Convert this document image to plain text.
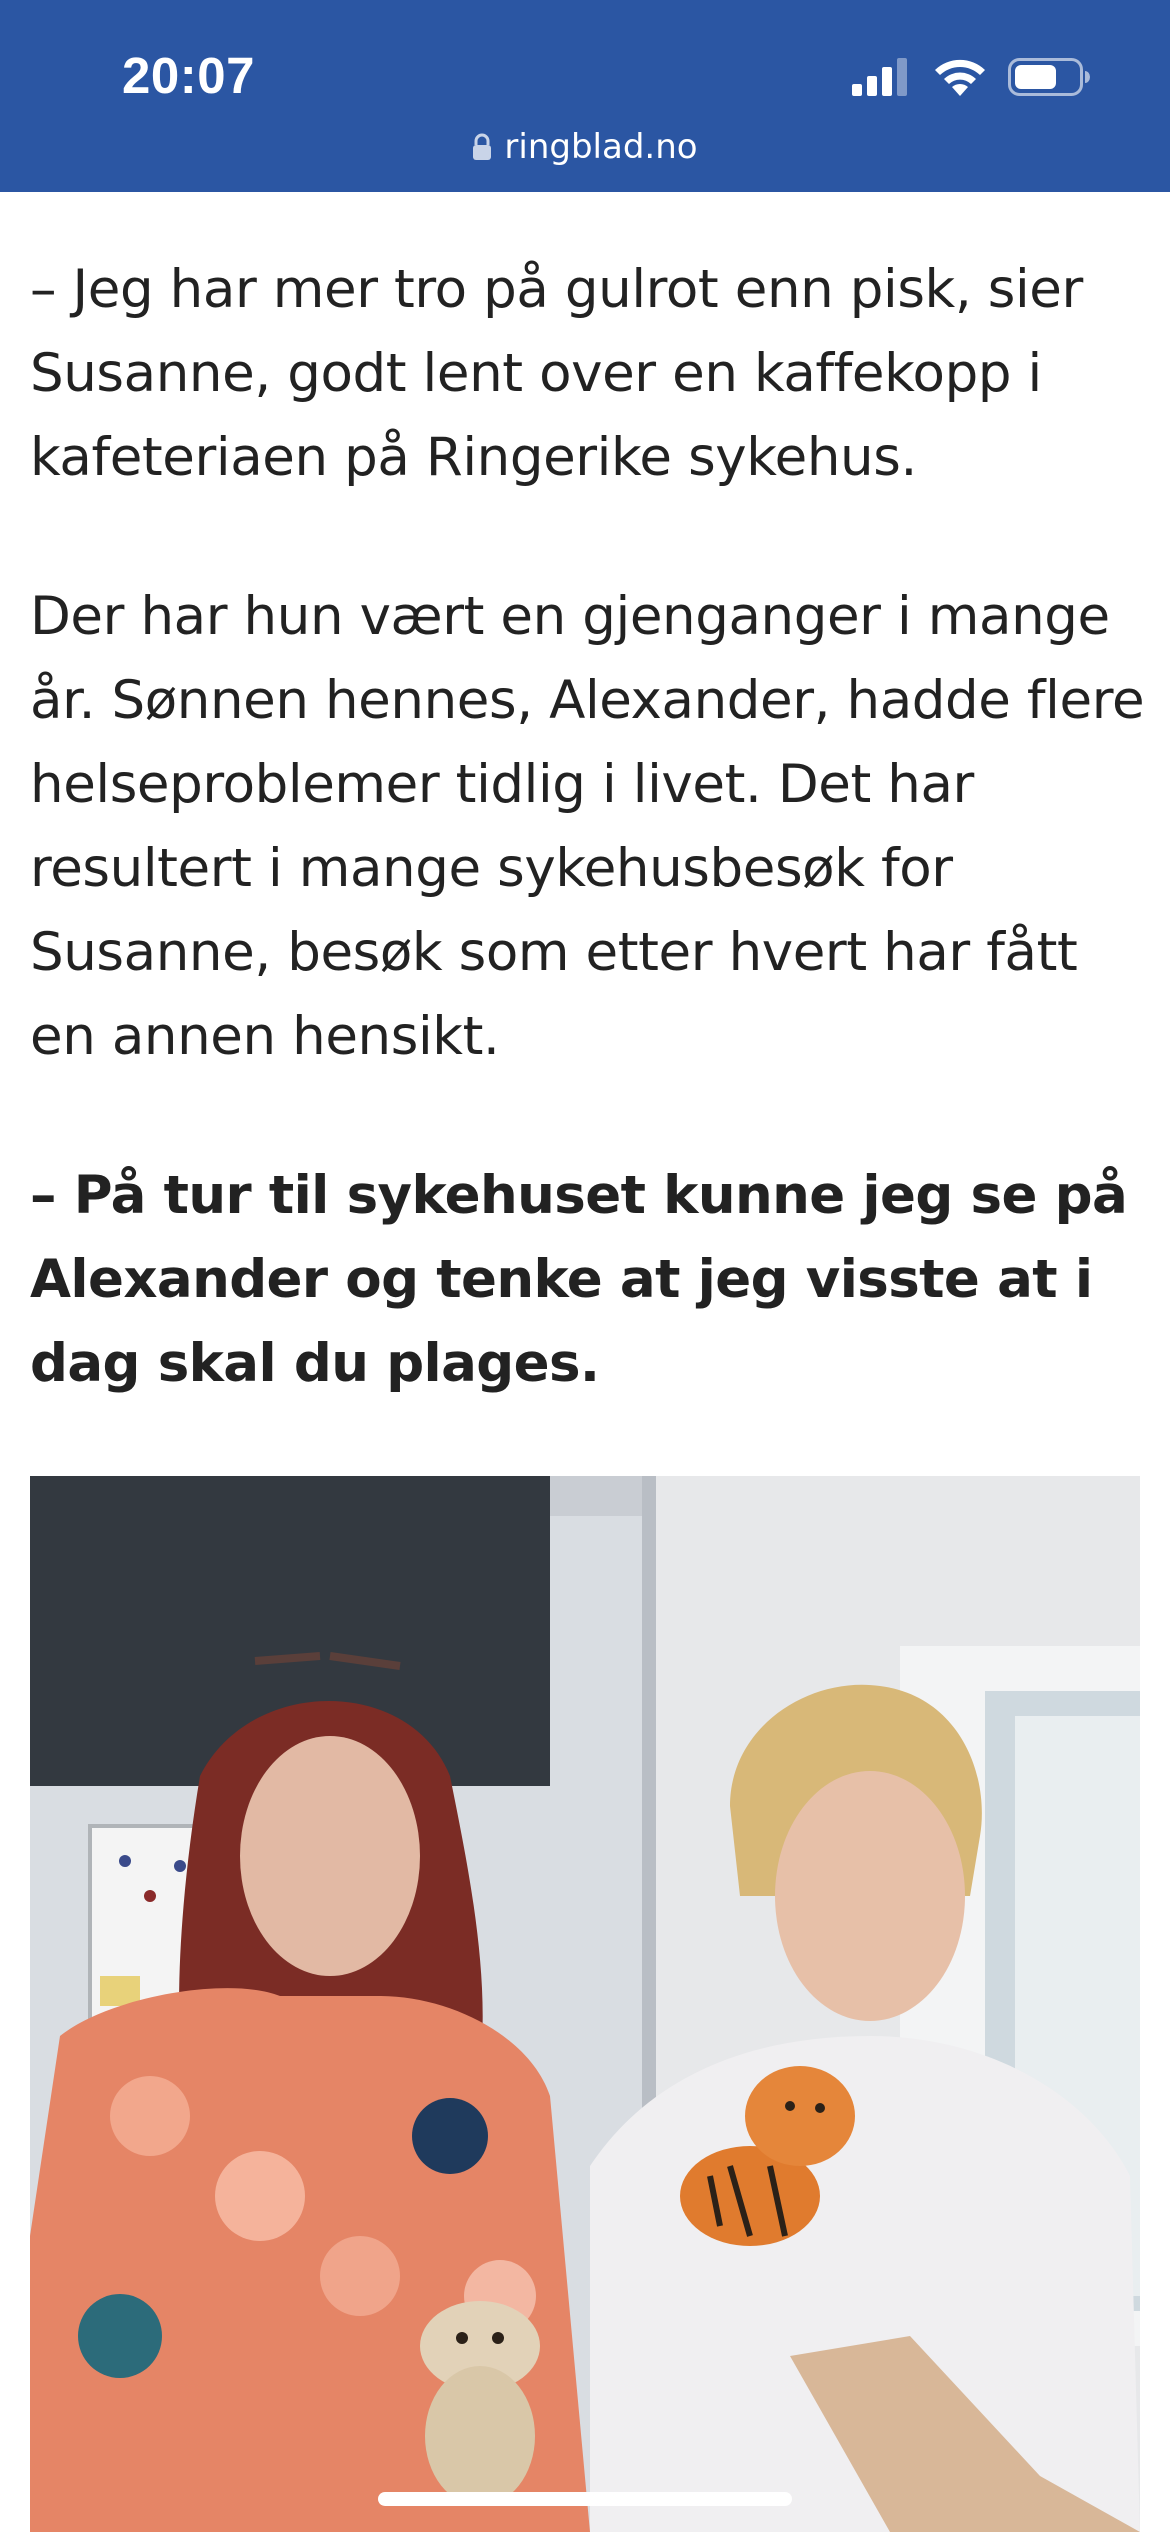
20:07
ringblad.no

– Jeg har mer tro på gulrot enn pisk, sier Susanne, godt lent over en kaffekopp i kafeteriaen på Ringerike sykehus.

Der har hun vært en gjenganger i mange år. Sønnen hennes, Alexander, hadde flere helseproblemer tidlig i livet. Det har resultert i mange sykehusbesøk for Susanne, besøk som etter hvert har fått en annen hensikt.

– På tur til sykehuset kunne jeg se på Alexander og tenke at jeg visste at i dag skal du plages.
